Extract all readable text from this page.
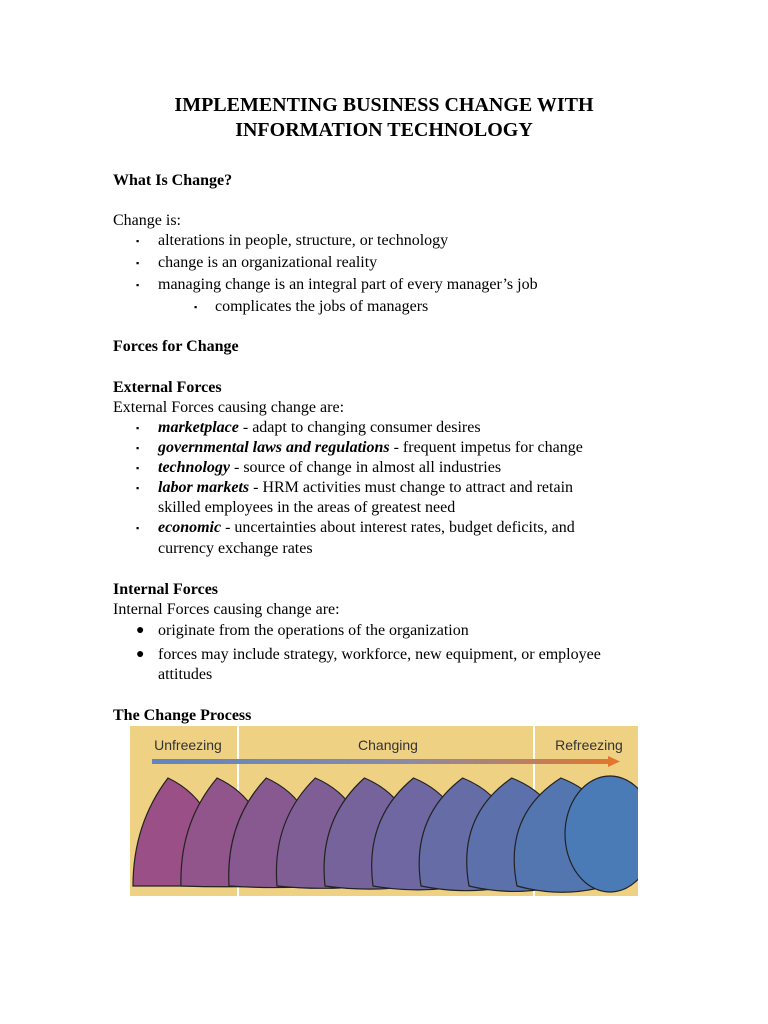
IMPLEMENTING BUSINESS CHANGE WITH
INFORMATION TECHNOLOGY
What Is Change?
Change is:
▪ alterations in people, structure, or technology
▪ change is an organizational reality
▪ managing change is an integral part of every manager’s job
▪ complicates the jobs of managers
Forces for Change
External Forces
External Forces causing change are:
▪ marketplace - adapt to changing consumer desires
▪ governmental laws and regulations - frequent impetus for change
▪ technology - source of change in almost all industries
▪ labor markets - HRM activities must change to attract and retain
skilled employees in the areas of greatest need
▪ economic - uncertainties about interest rates, budget deficits, and
currency exchange rates
Internal Forces
Internal Forces causing change are:
● originate from the operations of the organization
● forces may include strategy, workforce, new equipment, or employee
attitudes
The Change Process
Unfreezing	Changing	Refreezing
